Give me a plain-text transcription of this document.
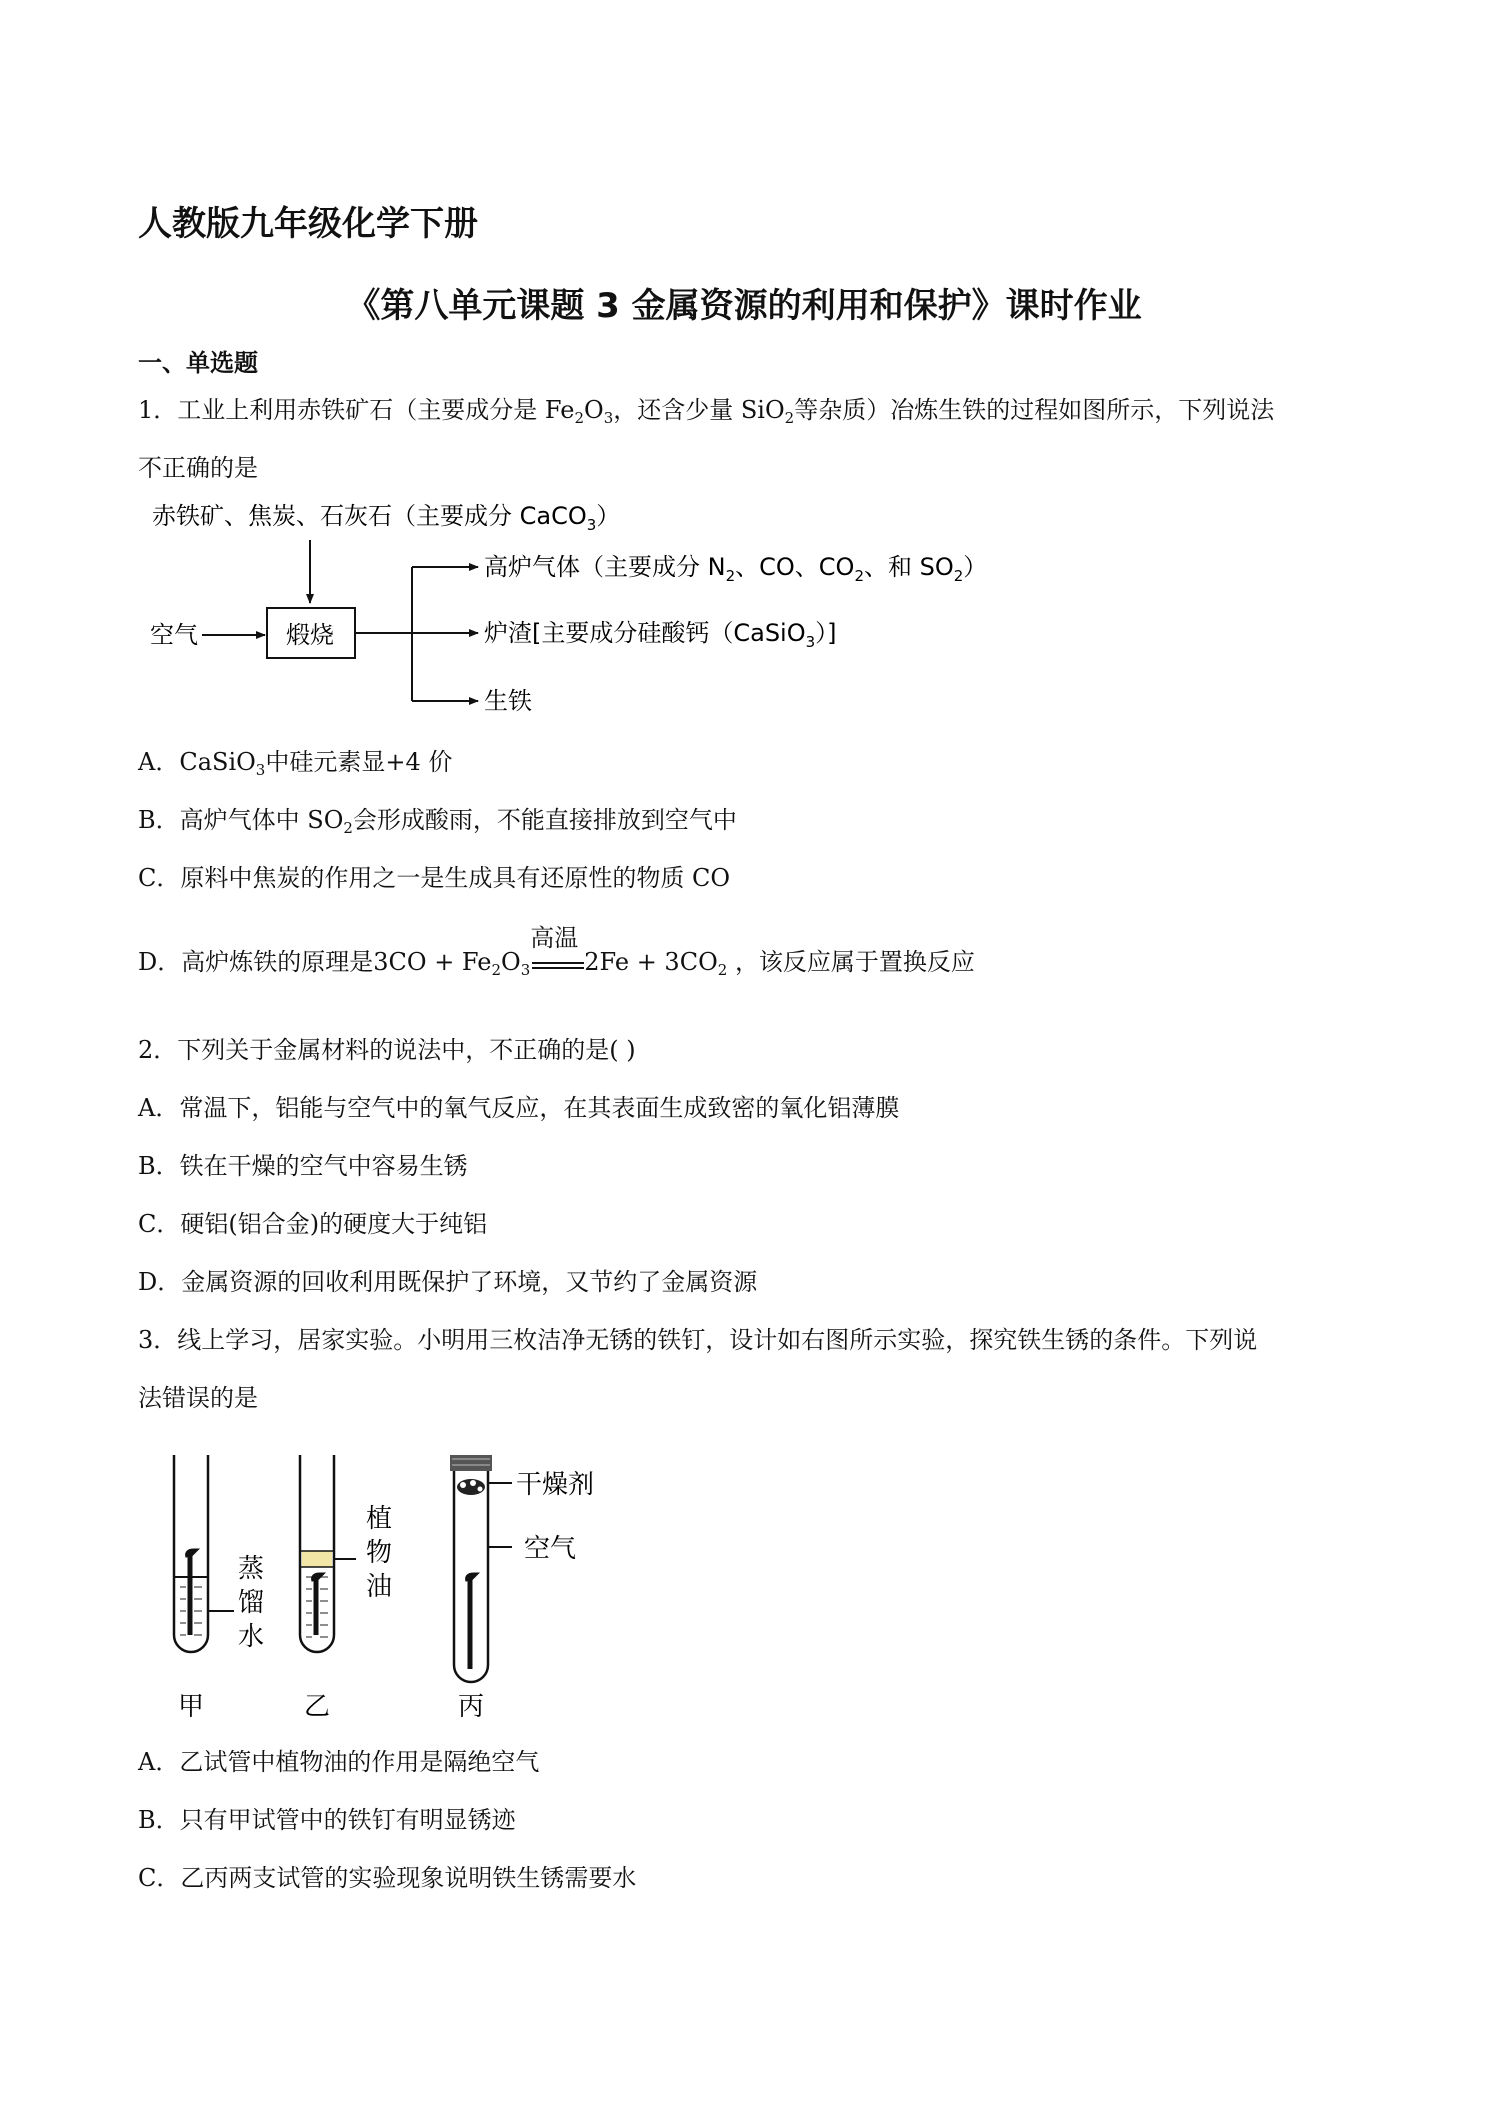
人教版九年级化学下册
《第八单元课题 3 金属资源的利用和保护》课时作业
一、单选题
1．工业上利用赤铁矿石（主要成分是 $Fe_2O_3$，还含少量 SiO$_2$等杂质）冶炼生铁的过程如图所示，下列说法
不正确的是
赤铁矿、焦炭、石灰石（主要成分 CaCO$_3$）
空气	煅烧
高炉气体（主要成分 $N_2$、CO、$CO_2$、和 $SO_2$）
炉渣[主要成分硅酸钙（CaSiO$_3$）]
生铁
A．CaSiO$_3$中硅元素显+4 价
B．高炉气体中 $SO_2$会形成酸雨，不能直接排放到空气中
C．原料中焦炭的作用之一是生成具有还原性的物质 CO
D．高炉炼铁的原理是$3CO + Fe_2O_3$
高温
$2Fe + 3CO_2$ ，该反应属于置换反应
2．下列关于金属材料的说法中，不正确的是( )
A．常温下，铝能与空气中的氧气反应，在其表面生成致密的氧化铝薄膜
B．铁在干燥的空气中容易生锈
C．硬铝(铝合金)的硬度大于纯铝
D．金属资源的回收利用既保护了环境，又节约了金属资源
3．线上学习，居家实验。小明用三枚洁净无锈的铁钉，设计如右图所示实验，探究铁生锈的条件。下列说
法错误的是
蒸
馏
水
甲
植
物
油
乙
干燥剂
空气
丙
A．乙试管中植物油的作用是隔绝空气
B．只有甲试管中的铁钉有明显锈迹
C．乙丙两支试管的实验现象说明铁生锈需要水
